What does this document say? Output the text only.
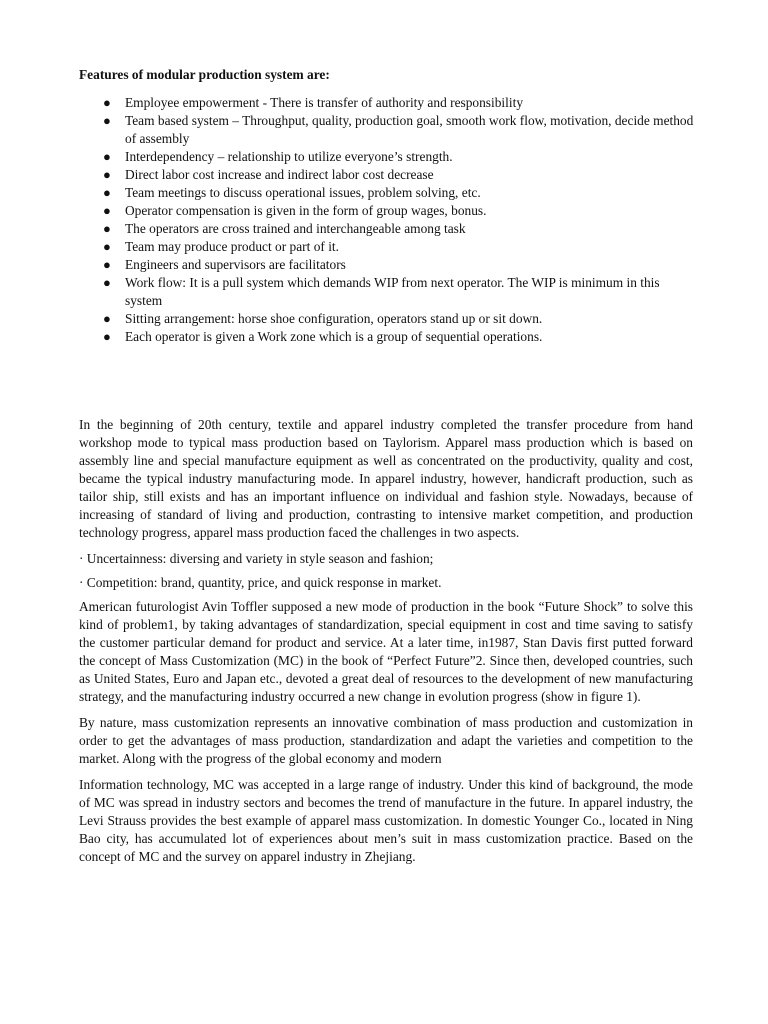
Features of modular production system are:

● Employee empowerment - There is transfer of authority and responsibility
● Team based system – Throughput, quality, production goal, smooth work flow, motivation, decide method of assembly
● Interdependency – relationship to utilize everyone’s strength.
● Direct labor cost increase and indirect labor cost decrease
● Team meetings to discuss operational issues, problem solving, etc.
● Operator compensation is given in the form of group wages, bonus.
● The operators are cross trained and interchangeable among task
● Team may produce product or part of it.
● Engineers and supervisors are facilitators
● Work flow: It is a pull system which demands WIP from next operator. The WIP is minimum in this system
● Sitting arrangement: horse shoe configuration, operators stand up or sit down.
● Each operator is given a Work zone which is a group of sequential operations.

In the beginning of 20th century, textile and apparel industry completed the transfer procedure from hand workshop mode to typical mass production based on Taylorism. Apparel mass production which is based on assembly line and special manufacture equipment as well as concentrated on the productivity, quality and cost, became the typical industry manufacturing mode. In apparel industry, however, handicraft production, such as tailor ship, still exists and has an important influence on individual and fashion style. Nowadays, because of increasing of standard of living and production, contrasting to intensive market competition, and production technology progress, apparel mass production faced the challenges in two aspects.

· Uncertainness: diversing and variety in style season and fashion;

· Competition: brand, quantity, price, and quick response in market.

American futurologist Avin Toffler supposed a new mode of production in the book “Future Shock” to solve this kind of problem1, by taking advantages of standardization, special equipment in cost and time saving to satisfy the customer particular demand for product and service. At a later time, in1987, Stan Davis first putted forward the concept of Mass Customization (MC) in the book of “Perfect Future”2. Since then, developed countries, such as United States, Euro and Japan etc., devoted a great deal of resources to the development of new manufacturing strategy, and the manufacturing industry occurred a new change in evolution progress (show in figure 1).

By nature, mass customization represents an innovative combination of mass production and customization in order to get the advantages of mass production, standardization and adapt the varieties and competition to the market. Along with the progress of the global economy and modern

Information technology, MC was accepted in a large range of industry. Under this kind of background, the mode of MC was spread in industry sectors and becomes the trend of manufacture in the future. In apparel industry, the Levi Strauss provides the best example of apparel mass customization. In domestic Younger Co., located in Ning Bao city, has accumulated lot of experiences about men’s suit in mass customization practice. Based on the concept of MC and the survey on apparel industry in Zhejiang.
